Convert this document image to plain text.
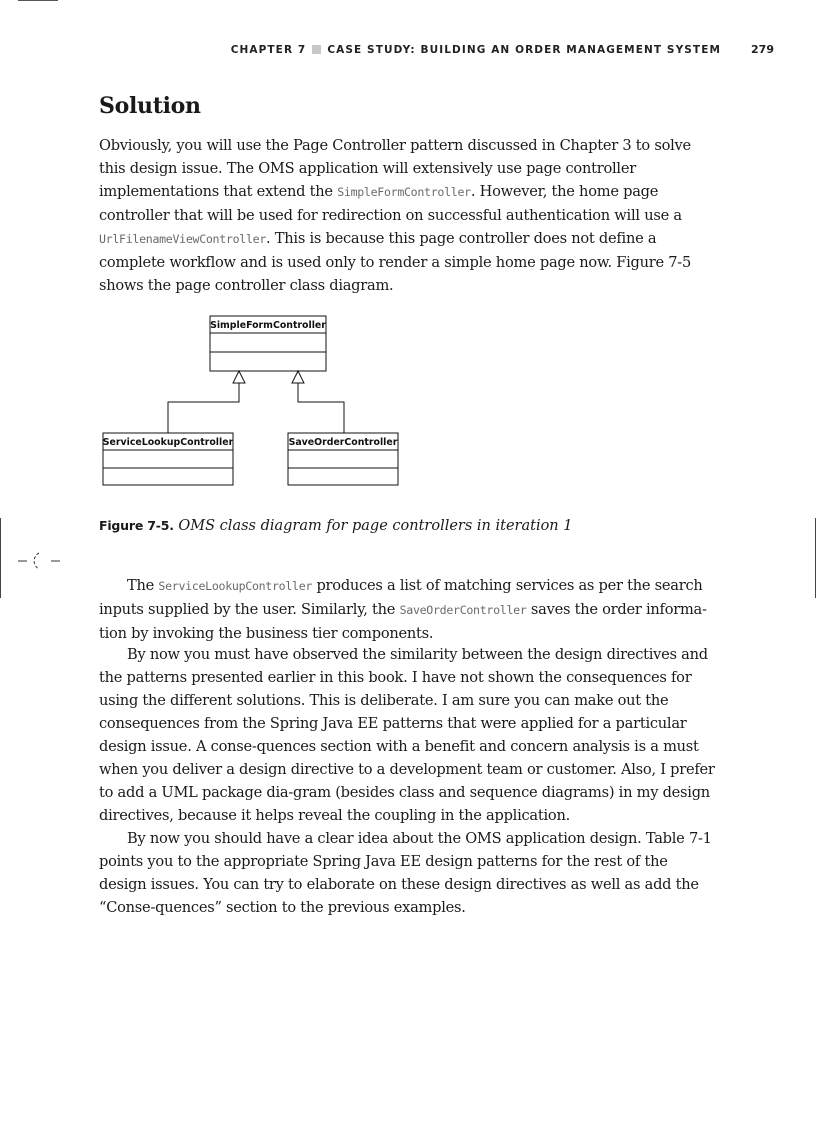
CHAPTER 7 CASE STUDY: BUILDING AN ORDER MANAGEMENT SYSTEM	279
Solution

Obviously, you will use the Page Controller pattern discussed in Chapter 3 to solve this design issue. The OMS application will extensively use page controller implementations that extend the SimpleFormController. However, the home page controller that will be used for redirection on successful authentication will use a UrlFilenameViewController. This is because this page controller does not define a complete workflow and is used only to render a simple home page now. Figure 7-5 shows the page controller class diagram.

SimpleFormController
ServiceLookupController	SaveOrderController

Figure 7-5. OMS class diagram for page controllers in iteration 1

The ServiceLookupController produces a list of matching services as per the search inputs supplied by the user. Similarly, the SaveOrderController saves the order informa-tion by invoking the business tier components.

By now you must have observed the similarity between the design directives and the patterns presented earlier in this book. I have not shown the consequences for using the different solutions. This is deliberate. I am sure you can make out the consequences from the Spring Java EE patterns that were applied for a particular design issue. A conse-quences section with a benefit and concern analysis is a must when you deliver a design directive to a development team or customer. Also, I prefer to add a UML package dia-gram (besides class and sequence diagrams) in my design directives, because it helps reveal the coupling in the application.

By now you should have a clear idea about the OMS application design. Table 7-1 points you to the appropriate Spring Java EE design patterns for the rest of the design issues. You can try to elaborate on these design directives as well as add the “Conse-quences” section to the previous examples.
